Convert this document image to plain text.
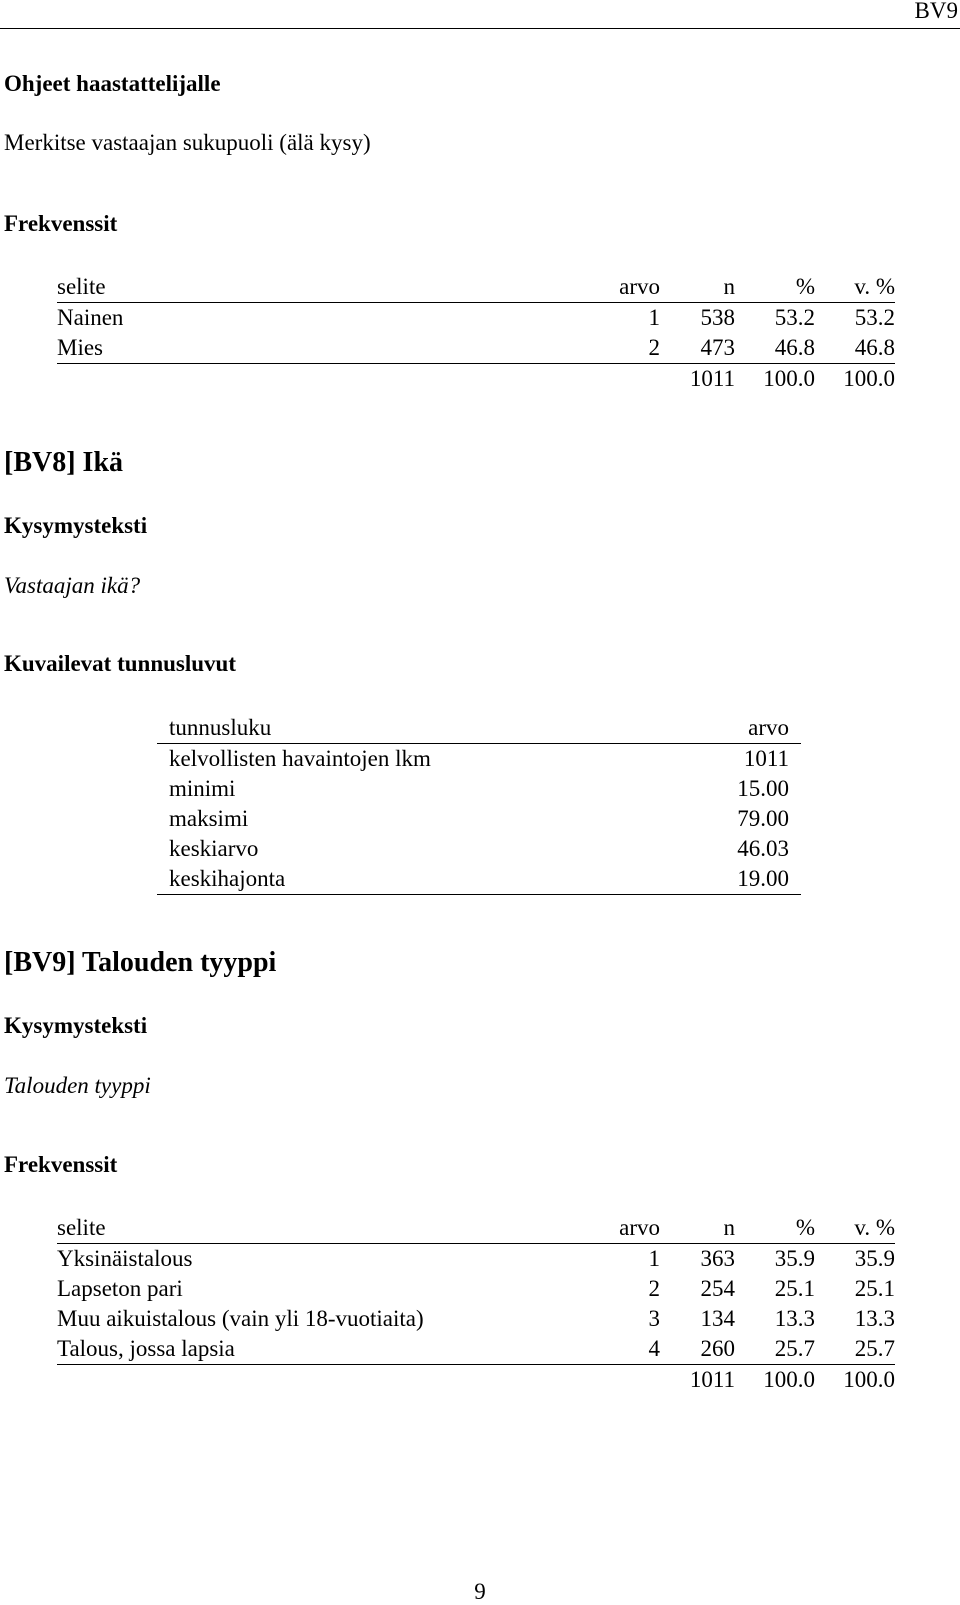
BV9
Ohjeet haastattelijalle
Merkitse vastaajan sukupuoli (älä kysy)
Frekvenssit
selite	arvo	n	%	v. %
Nainen	1	538	53.2	53.2
Mies	2	473	46.8	46.8
		1011	100.0	100.0
[BV8] Ikä
Kysymysteksti
Vastaajan ikä?
Kuvailevat tunnusluvut
tunnusluku	arvo
kelvollisten havaintojen lkm	1011
minimi	15.00
maksimi	79.00
keskiarvo	46.03
keskihajonta	19.00
[BV9] Talouden tyyppi
Kysymysteksti
Talouden tyyppi
Frekvenssit
selite	arvo	n	%	v. %
Yksinäistalous	1	363	35.9	35.9
Lapseton pari	2	254	25.1	25.1
Muu aikuistalous (vain yli 18-vuotiaita)	3	134	13.3	13.3
Talous, jossa lapsia	4	260	25.7	25.7
		1011	100.0	100.0
9
